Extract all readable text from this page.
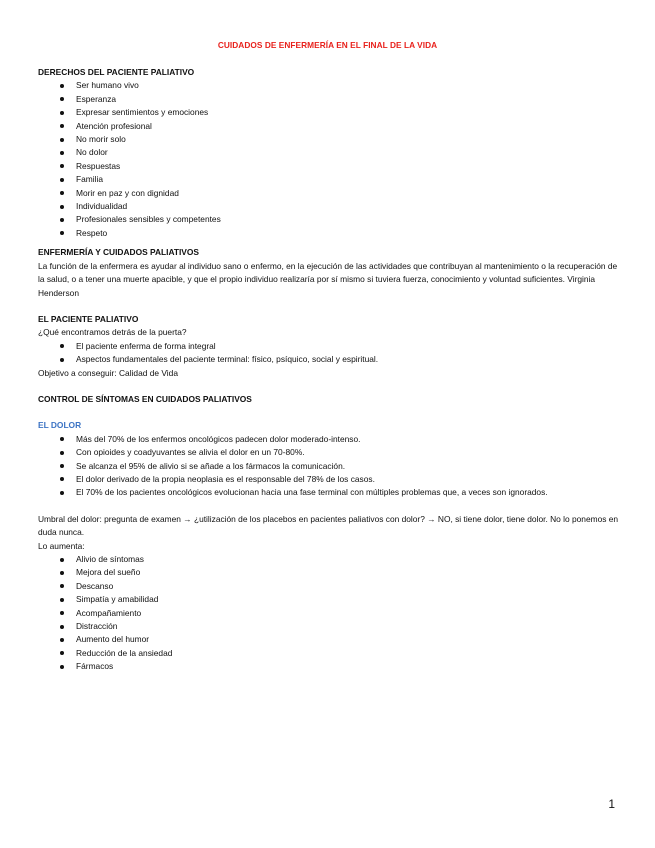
CUIDADOS DE ENFERMERÍA EN EL FINAL DE LA VIDA
DERECHOS DEL PACIENTE PALIATIVO
Ser humano vivo
Esperanza
Expresar sentimientos y emociones
Atención profesional
No morir solo
No dolor
Respuestas
Familia
Morir en paz y con dignidad
Individualidad
Profesionales sensibles y competentes
Respeto
ENFERMERÍA Y CUIDADOS PALIATIVOS
La función de la enfermera es ayudar al individuo sano o enfermo, en la ejecución de las actividades que contribuyan al mantenimiento o la recuperación de la salud, o a tener una muerte apacible, y que el propio individuo realizaría por sí mismo si tuviera fuerza, conocimiento y voluntad suficientes. Virginia Henderson
EL PACIENTE PALIATIVO
¿Qué encontramos detrás de la puerta?
El paciente enferma de forma integral
Aspectos fundamentales del paciente terminal: físico, psíquico, social y espiritual.
Objetivo a conseguir: Calidad de Vida
CONTROL DE SÍNTOMAS EN CUIDADOS PALIATIVOS
EL DOLOR
Más del 70% de los enfermos oncológicos padecen dolor moderado-intenso.
Con opioides y coadyuvantes se alivia el dolor en un 70-80%.
Se alcanza el 95% de alivio si se añade a los fármacos la comunicación.
El dolor derivado de la propia neoplasia es el responsable del 78% de los casos.
El 70% de los pacientes oncológicos evolucionan hacia una fase terminal con múltiples problemas que, a veces son ignorados.
Umbral del dolor: pregunta de examen → ¿utilización de los placebos en pacientes paliativos con dolor? → NO, si tiene dolor, tiene dolor. No lo ponemos en duda nunca.
Lo aumenta:
Alivio de síntomas
Mejora del sueño
Descanso
Simpatía y amabilidad
Acompañamiento
Distracción
Aumento del humor
Reducción de la ansiedad
Fármacos
1
